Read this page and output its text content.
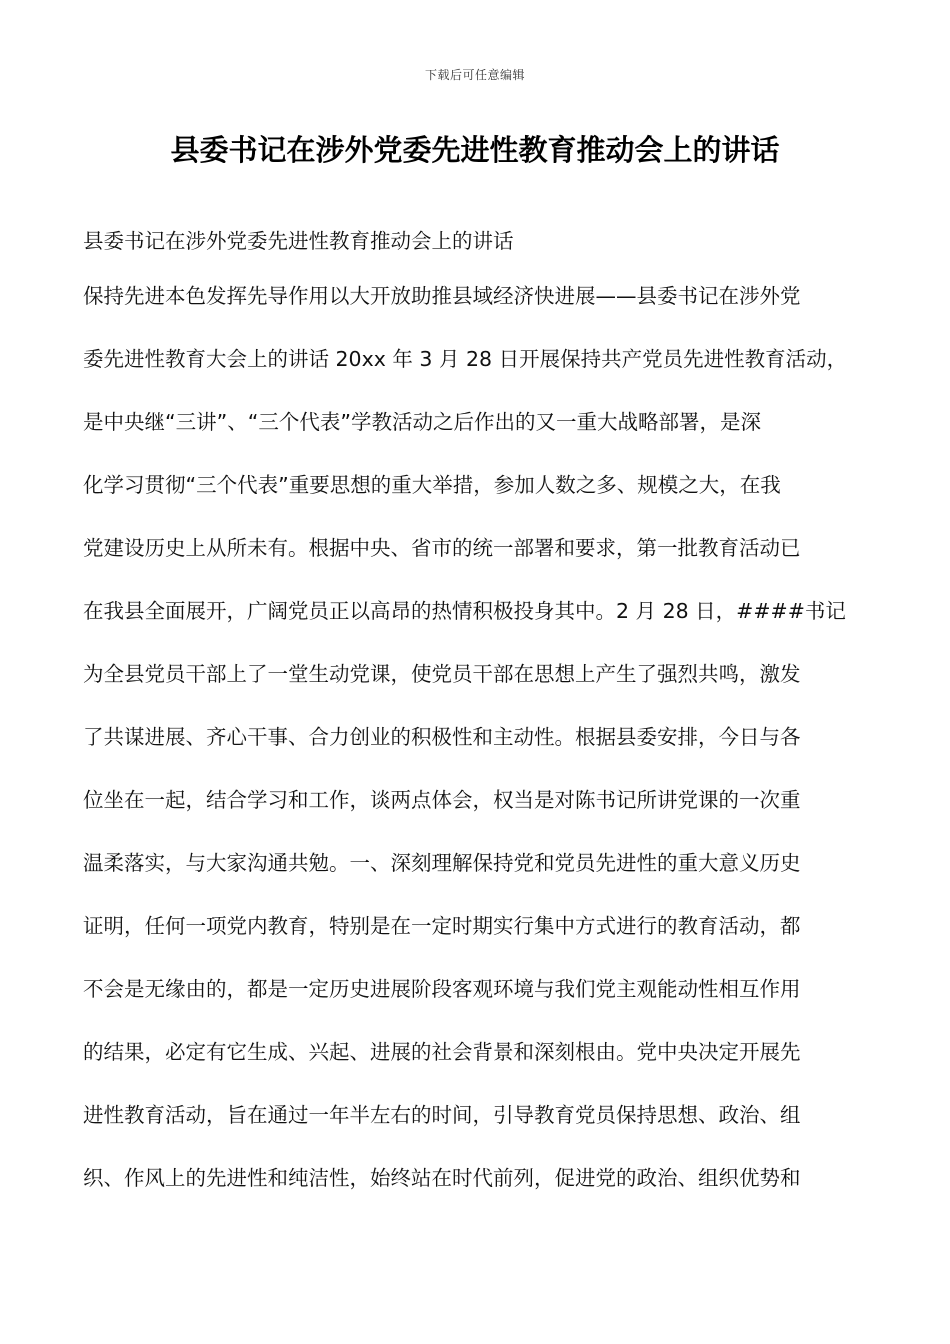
下载后可任意编辑
县委书记在涉外党委先进性教育推动会上的讲话

县委书记在涉外党委先进性教育推动会上的讲话

保持先进本色发挥先导作用以大开放助推县域经济快进展——县委书记在涉外党
委先进性教育大会上的讲话 20xx 年 3 月 28 日开展保持共产党员先进性教育活动，
是中央继“三讲”、“三个代表”学教活动之后作出的又一重大战略部署，是深
化学习贯彻“三个代表”重要思想的重大举措，参加人数之多、规模之大，在我
党建设历史上从所未有。根据中央、省市的统一部署和要求，第一批教育活动已
在我县全面展开，广阔党员正以高昂的热情积极投身其中。2 月 28 日，####书记
为全县党员干部上了一堂生动党课，使党员干部在思想上产生了强烈共鸣，激发
了共谋进展、齐心干事、合力创业的积极性和主动性。根据县委安排，今日与各
位坐在一起，结合学习和工作，谈两点体会，权当是对陈书记所讲党课的一次重
温柔落实，与大家沟通共勉。一、深刻理解保持党和党员先进性的重大意义历史
证明，任何一项党内教育，特别是在一定时期实行集中方式进行的教育活动，都
不会是无缘由的，都是一定历史进展阶段客观环境与我们党主观能动性相互作用
的结果，必定有它生成、兴起、进展的社会背景和深刻根由。党中央决定开展先
进性教育活动，旨在通过一年半左右的时间，引导教育党员保持思想、政治、组
织、作风上的先进性和纯洁性，始终站在时代前列，促进党的政治、组织优势和
